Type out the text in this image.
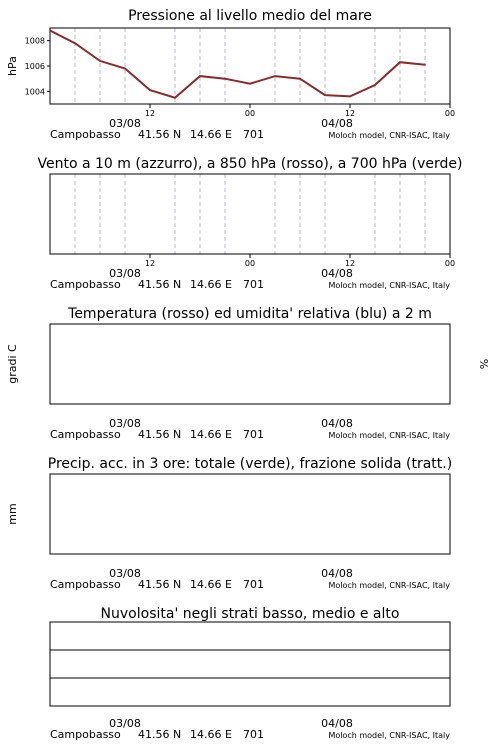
Pressione al livello medio del mare
hPa
1004
1006
1008
12	00	12	00
03/08	04/08
Campobasso 41.56 N 14.66 E 701	Moloch model, CNR-ISAC, Italy
Vento a 10 m (azzurro), a 850 hPa (rosso), a 700 hPa (verde)
12	00	12	00
03/08	04/08
Campobasso 41.56 N 14.66 E 701	Moloch model, CNR-ISAC, Italy
Temperatura (rosso) ed umidita' relativa (blu) a 2 m
gradi C	%
03/08	04/08
Campobasso 41.56 N 14.66 E 701	Moloch model, CNR-ISAC, Italy
Precip. acc. in 3 ore: totale (verde), frazione solida (tratt.)
mm
03/08	04/08
Campobasso 41.56 N 14.66 E 701	Moloch model, CNR-ISAC, Italy
Nuvolosita' negli strati basso, medio e alto
03/08	04/08
Campobasso 41.56 N 14.66 E 701	Moloch model, CNR-ISAC, Italy
